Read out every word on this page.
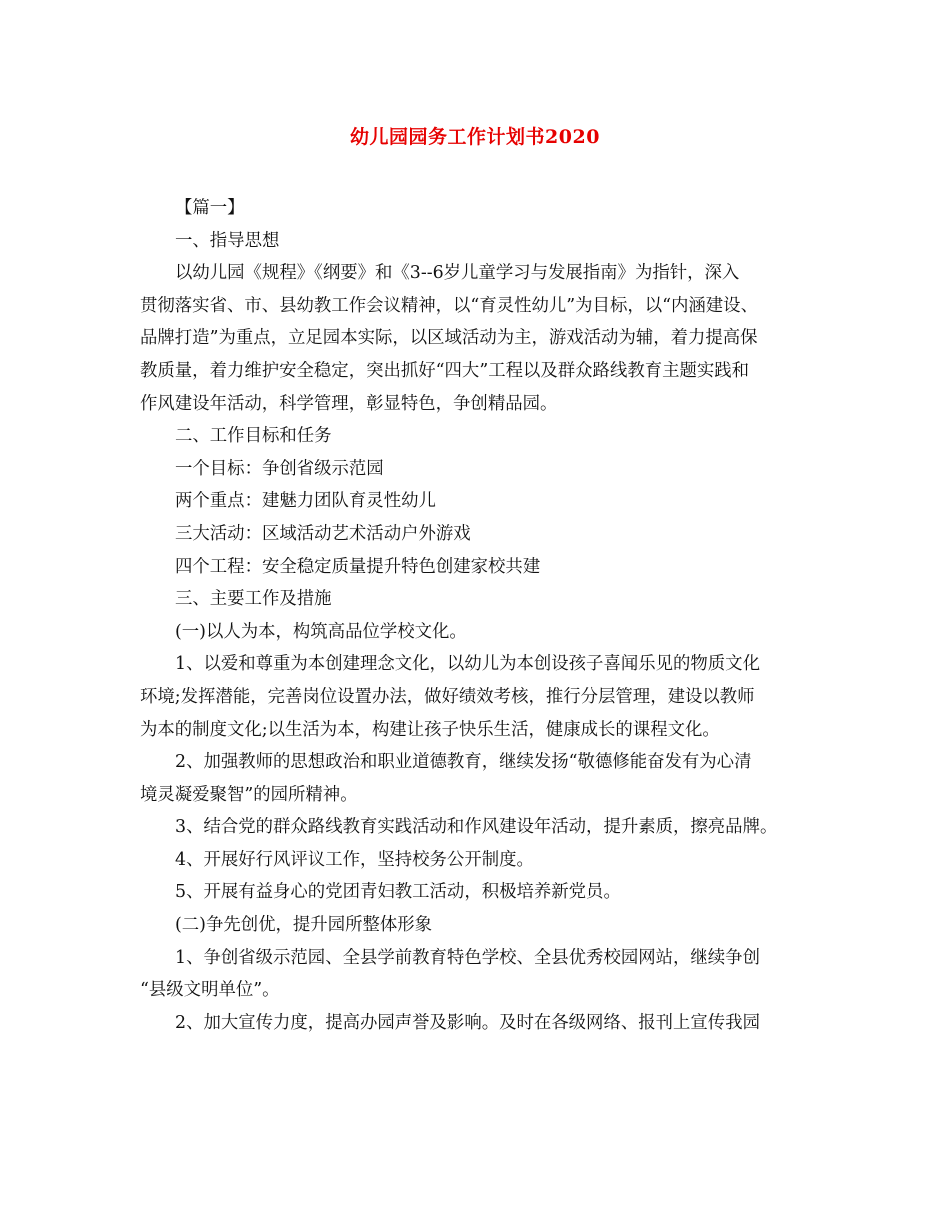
幼儿园园务工作计划书2020
【篇一】
一、指导思想
以幼儿园《规程》《纲要》和《3--6岁儿童学习与发展指南》为指针，深入
贯彻落实省、市、县幼教工作会议精神，以“育灵性幼儿”为目标，以“内涵建设、
品牌打造”为重点，立足园本实际，以区域活动为主，游戏活动为辅，着力提高保
教质量，着力维护安全稳定，突出抓好“四大”工程以及群众路线教育主题实践和
作风建设年活动，科学管理，彰显特色，争创精品园。
二、工作目标和任务
一个目标：争创省级示范园
两个重点：建魅力团队育灵性幼儿
三大活动：区域活动艺术活动户外游戏
四个工程：安全稳定质量提升特色创建家校共建
三、主要工作及措施
(一)以人为本，构筑高品位学校文化。
1、以爱和尊重为本创建理念文化，以幼儿为本创设孩子喜闻乐见的物质文化
环境;发挥潜能，完善岗位设置办法，做好绩效考核，推行分层管理，建设以教师
为本的制度文化;以生活为本，构建让孩子快乐生活，健康成长的课程文化。
2、加强教师的思想政治和职业道德教育，继续发扬“敬德修能奋发有为心清
境灵凝爱聚智”的园所精神。
3、结合党的群众路线教育实践活动和作风建设年活动，提升素质，擦亮品牌。
4、开展好行风评议工作，坚持校务公开制度。
5、开展有益身心的党团青妇教工活动，积极培养新党员。
(二)争先创优，提升园所整体形象
1、争创省级示范园、全县学前教育特色学校、全县优秀校园网站，继续争创
“县级文明单位”。
2、加大宣传力度，提高办园声誉及影响。及时在各级网络、报刊上宣传我园
